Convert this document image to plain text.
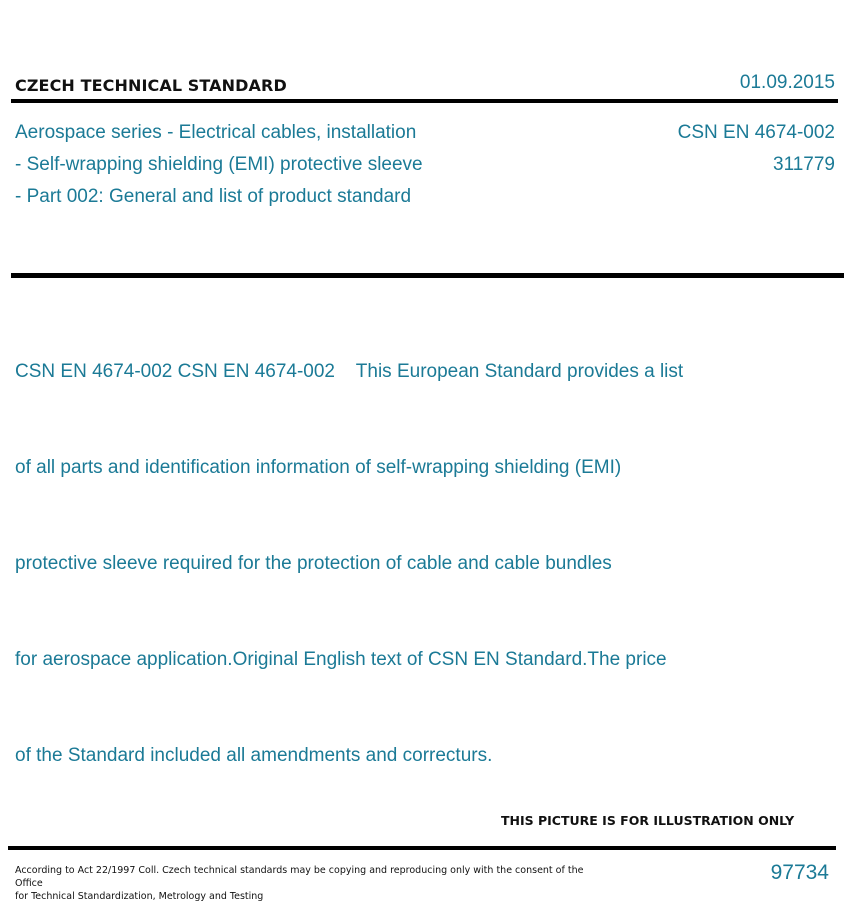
CZECH TECHNICAL STANDARD	01.09.2015
Aerospace series - Electrical cables, installation
- Self-wrapping shielding (EMI) protective sleeve
- Part 002: General and list of product standard
CSN EN 4674-002
311779

CSN EN 4674-002 CSN EN 4674-002    This European Standard provides a list

of all parts and identification information of self-wrapping shielding (EMI)

protective sleeve required for the protection of cable and cable bundles

for aerospace application.Original English text of CSN EN Standard.The price

of the Standard included all amendments and correcturs.

THIS PICTURE IS FOR ILLUSTRATION ONLY
According to Act 22/1997 Coll. Czech technical standards may be copying and reproducing only with the consent of the Office
for Technical Standardization, Metrology and Testing
97734
